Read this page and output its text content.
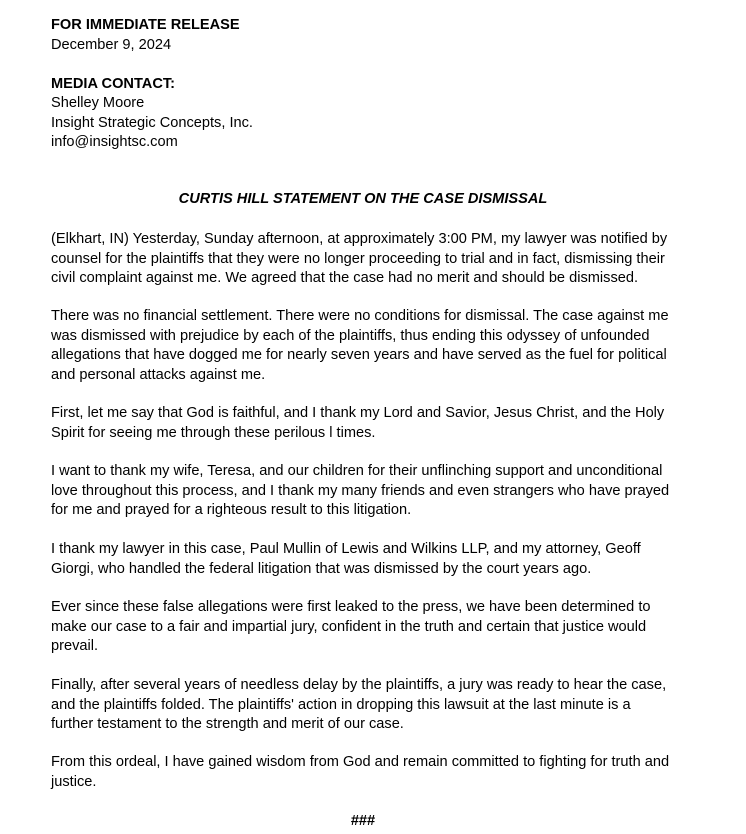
FOR IMMEDIATE RELEASE
December 9, 2024
MEDIA CONTACT:
Shelley Moore
Insight Strategic Concepts, Inc.
info@insightsc.com
CURTIS HILL STATEMENT ON THE CASE DISMISSAL
(Elkhart, IN) Yesterday, Sunday afternoon, at approximately 3:00 PM, my lawyer was notified by
counsel for the plaintiffs that they were no longer proceeding to trial and in fact, dismissing their
civil complaint against me. We agreed that the case had no merit and should be dismissed.
There was no financial settlement. There were no conditions for dismissal. The case against me
was dismissed with prejudice by each of the plaintiffs, thus ending this odyssey of unfounded
allegations that have dogged me for nearly seven years and have served as the fuel for political
and personal attacks against me.
First, let me say that God is faithful, and I thank my Lord and Savior, Jesus Christ, and the Holy
Spirit for seeing me through these perilous l times.
I want to thank my wife, Teresa, and our children for their unflinching support and unconditional
love throughout this process, and I thank my many friends and even strangers who have prayed
for me and prayed for a righteous result to this litigation.
I thank my lawyer in this case, Paul Mullin of Lewis and Wilkins LLP, and my attorney, Geoff
Giorgi, who handled the federal litigation that was dismissed by the court years ago.
Ever since these false allegations were first leaked to the press, we have been determined to
make our case to a fair and impartial jury, confident in the truth and certain that justice would
prevail.
Finally, after several years of needless delay by the plaintiffs, a jury was ready to hear the case,
and the plaintiffs folded. The plaintiffs' action in dropping this lawsuit at the last minute is a
further testament to the strength and merit of our case.
From this ordeal, I have gained wisdom from God and remain committed to fighting for truth and
justice.
###
